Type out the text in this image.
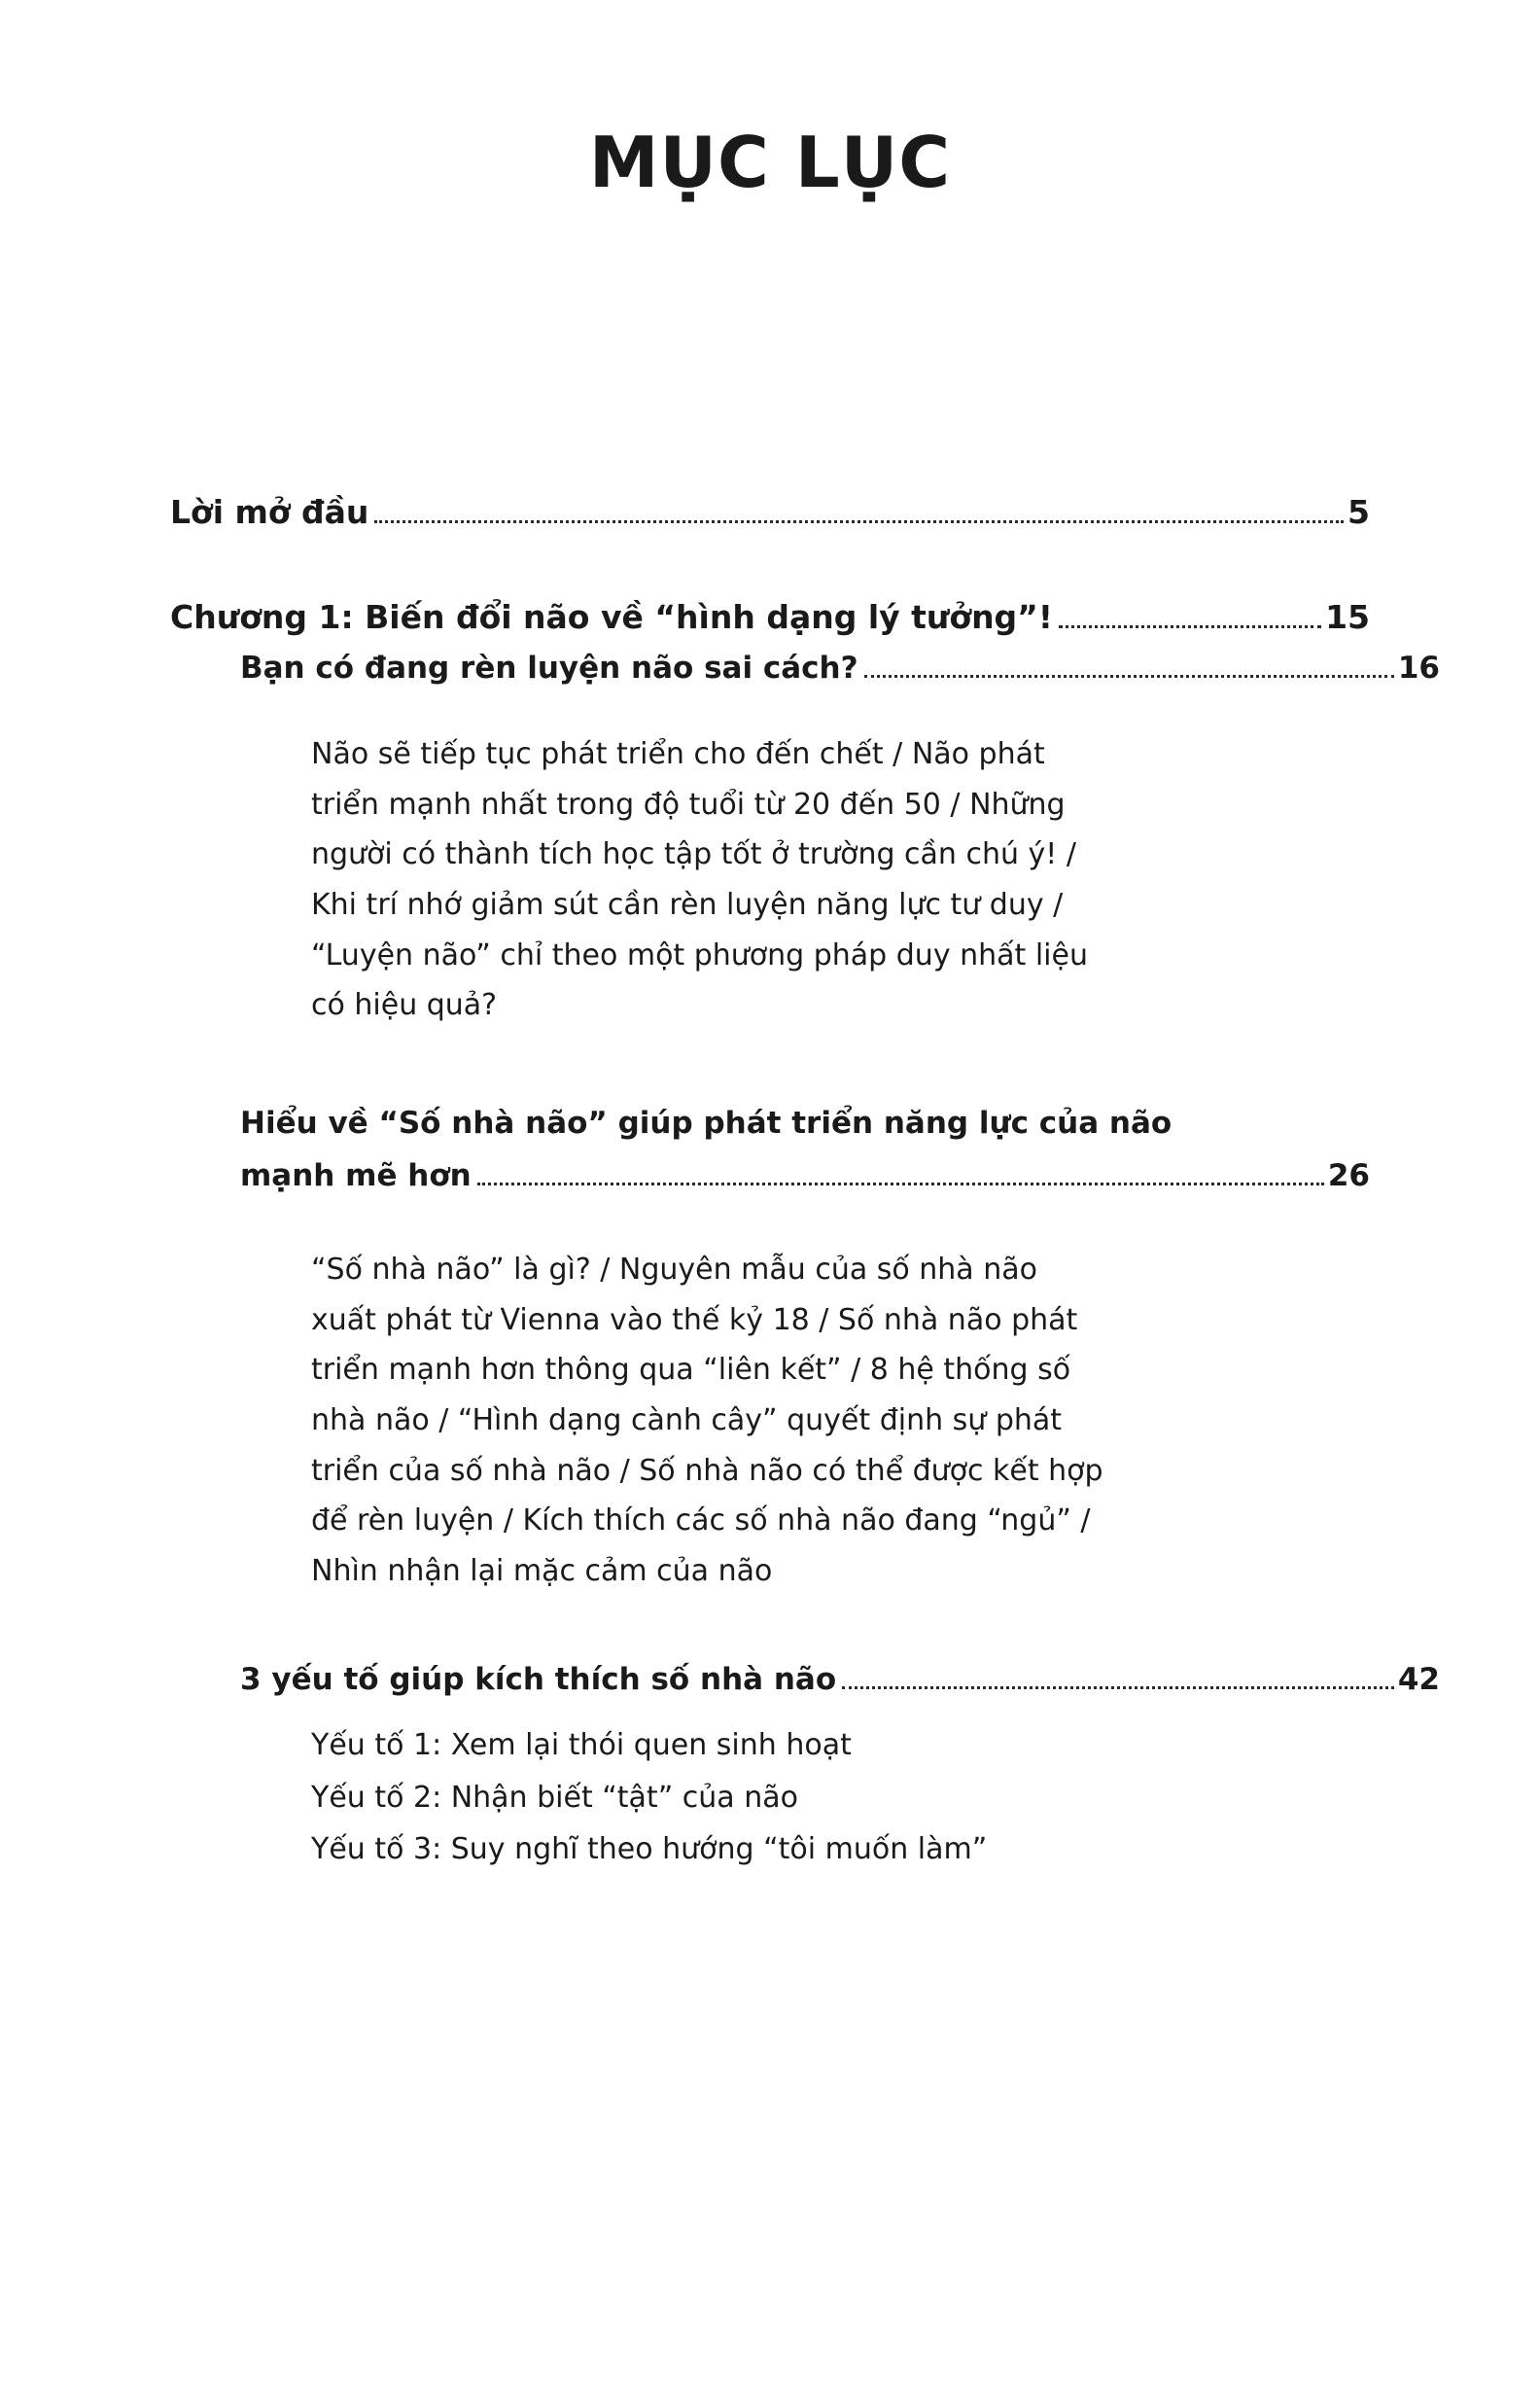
MỤC LỤC
Lời mở đầu	5
Chương 1: Biến đổi não về “hình dạng lý tưởng”!	15
Bạn có đang rèn luyện não sai cách?	16

Não sẽ tiếp tục phát triển cho đến chết / Não phát triển mạnh nhất trong độ tuổi từ 20 đến 50 / Những người có thành tích học tập tốt ở trường cần chú ý! / Khi trí nhớ giảm sút cần rèn luyện năng lực tư duy / “Luyện não” chỉ theo một phương pháp duy nhất liệu có hiệu quả?

Hiểu về “Số nhà não” giúp phát triển năng lực của não
mạnh mẽ hơn	26

“Số nhà não” là gì? / Nguyên mẫu của số nhà não xuất phát từ Vienna vào thế kỷ 18 / Số nhà não phát triển mạnh hơn thông qua “liên kết” / 8 hệ thống số nhà não / “Hình dạng cành cây” quyết định sự phát triển của số nhà não / Số nhà não có thể được kết hợp để rèn luyện / Kích thích các số nhà não đang “ngủ” / Nhìn nhận lại mặc cảm của não

3 yếu tố giúp kích thích số nhà não	42
Yếu tố 1: Xem lại thói quen sinh hoạt
Yếu tố 2: Nhận biết “tật” của não
Yếu tố 3: Suy nghĩ theo hướng “tôi muốn làm”
